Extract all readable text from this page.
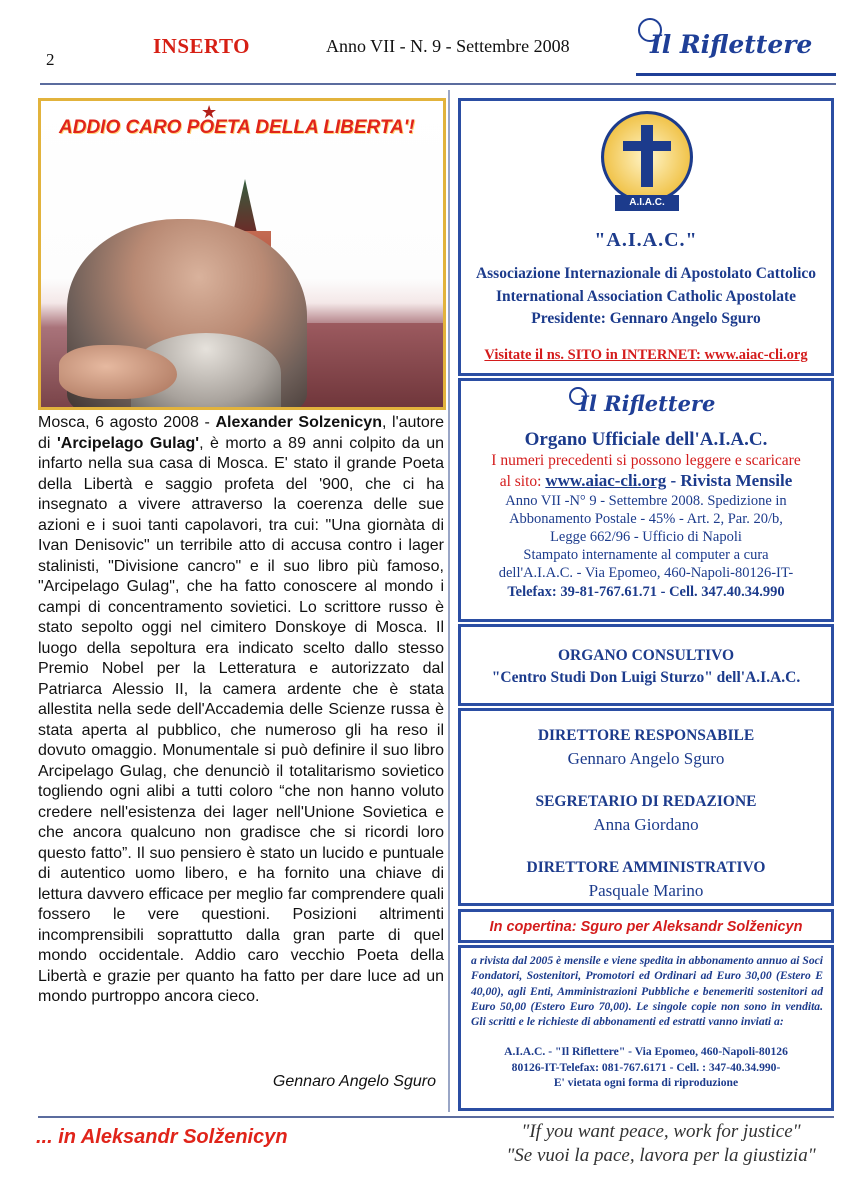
2
INSERTO	Anno VII - N. 9 - Settembre 2008	Il Riflettere
★
ADDIO CARO POETA DELLA LIBERTA'!
Mosca, 6 agosto 2008 - Alexander Solzenicyn, l'autore di 'Arcipelago Gulag', è morto a 89 anni colpito da un infarto nella sua casa di Mosca. E' stato il grande Poeta della Libertà e saggio profeta del '900, che ci ha insegnato a vivere attraverso la coerenza delle sue azioni e i suoi tanti capolavori, tra cui: "Una giornàta di Ivan Denisovic" un terribile atto di accusa contro i lager stalinisti, "Divisione cancro" e il suo libro più famoso, "Arcipelago Gulag", che ha fatto conoscere al mondo i campi di concentramento sovietici. Lo scrittore russo è stato sepolto oggi nel cimitero Donskoye di Mosca. Il luogo della sepoltura era indicato scelto dallo stesso Premio Nobel per la Letteratura e autorizzato dal Patriarca Alessio II, la camera ardente che è stata allestita nella sede dell'Accademia delle Scienze russa è stata aperta al pubblico, che numeroso gli ha reso il dovuto omaggio. Monumentale si può definire il suo libro Arcipelago Gulag, che denunciò il totalitarismo sovietico togliendo ogni alibi a tutti coloro “che non hanno voluto credere nell'esistenza dei lager nell'Unione Sovietica e che ancora qualcuno non gradisce che si ricordi loro questo fatto”. Il suo pensiero è stato un lucido e puntuale di autentico uomo libero, e ha fornito una chiave di lettura davvero efficace per meglio far comprendere quali fossero le vere questioni. Posizioni altrimenti incomprensibili soprattutto dalla gran parte di quel mondo occidentale. Addio caro vecchio Poeta della Libertà e grazie per quanto ha fatto per dare luce ad un mondo purtroppo ancora cieco.
Gennaro Angelo Sguro
A.I.A.C.
"A.I.A.C."
Associazione Internazionale di Apostolato Cattolico
International Association Catholic Apostolate
Presidente: Gennaro Angelo Sguro
Visitate il ns. SITO in INTERNET: www.aiac-cli.org
Il Riflettere
Organo Ufficiale dell'A.I.A.C.
I numeri precedenti si possono leggere e scaricare
al sito: www.aiac-cli.org - Rivista Mensile
Anno VII -N° 9 - Settembre 2008. Spedizione in
Abbonamento Postale - 45% - Art. 2, Par. 20/b,
Legge 662/96 - Ufficio di Napoli
Stampato internamente al computer a cura
dell'A.I.A.C. - Via Epomeo, 460-Napoli-80126-IT-
Telefax: 39-81-767.61.71 - Cell. 347.40.34.990
ORGANO CONSULTIVO
"Centro Studi Don Luigi Sturzo" dell'A.I.A.C.
DIRETTORE RESPONSABILE
Gennaro Angelo Sguro
SEGRETARIO DI REDAZIONE
Anna Giordano
DIRETTORE AMMINISTRATIVO
Pasquale Marino
In copertina: Sguro per Aleksandr Solženicyn
a rivista dal 2005 è mensile e viene spedita in abbonamento annuo ai Soci Fondatori, Sostenitori, Promotori ed Ordinari ad Euro 30,00 (Estero E 40,00), agli Enti, Amministrazioni Pubbliche e benemeriti sostenitori ad Euro 50,00 (Estero Euro 70,00). Le singole copie non sono in vendita. Gli scritti e le richieste di abbonamenti ed estratti vanno inviati a:
A.I.A.C. - "Il Riflettere" - Via Epomeo, 460-Napoli-80126
80126-IT-Telefax: 081-767.6171 - Cell. : 347-40.34.990-
E' vietata ogni forma di riproduzione
... in Aleksandr Solženicyn	"If you want peace, work for justice"
"Se vuoi la pace, lavora per la giustizia"
